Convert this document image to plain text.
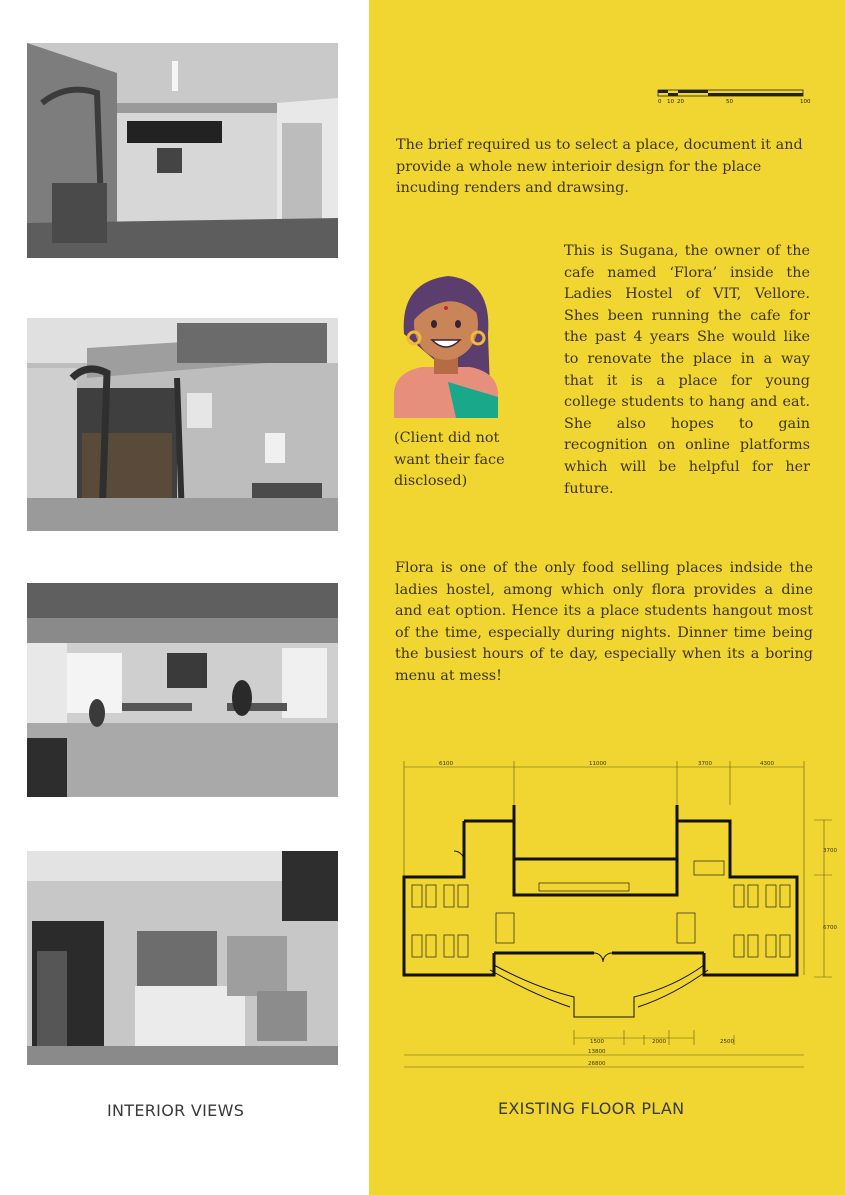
INTERIOR VIEWS
0 10 20	50	100

The brief required us to select a place, document it and provide a whole new interioir design for the place incuding renders and drawsing.

(Client did not want their face disclosed)

This is Sugana, the owner of the cafe named ‘Flora’ inside the Ladies Hostel of VIT, Vellore. Shes been running the cafe for the past 4 years She would like to renovate the place in a way that it is a place for young college students to hang and eat. She also hopes to gain recognition on online platforms which will be helpful for her future.

Flora is one of the only food selling places indside the ladies hostel, among which only flora provides a dine and eat option. Hence its a place students hangout most of the time, especially during nights. Dinner time being the busiest hours of te day, especially when its a boring menu at mess!

6100	11000	3700	4300
3700
6700
1500	2000	2500
13800
26800
EXISTING FLOOR PLAN
